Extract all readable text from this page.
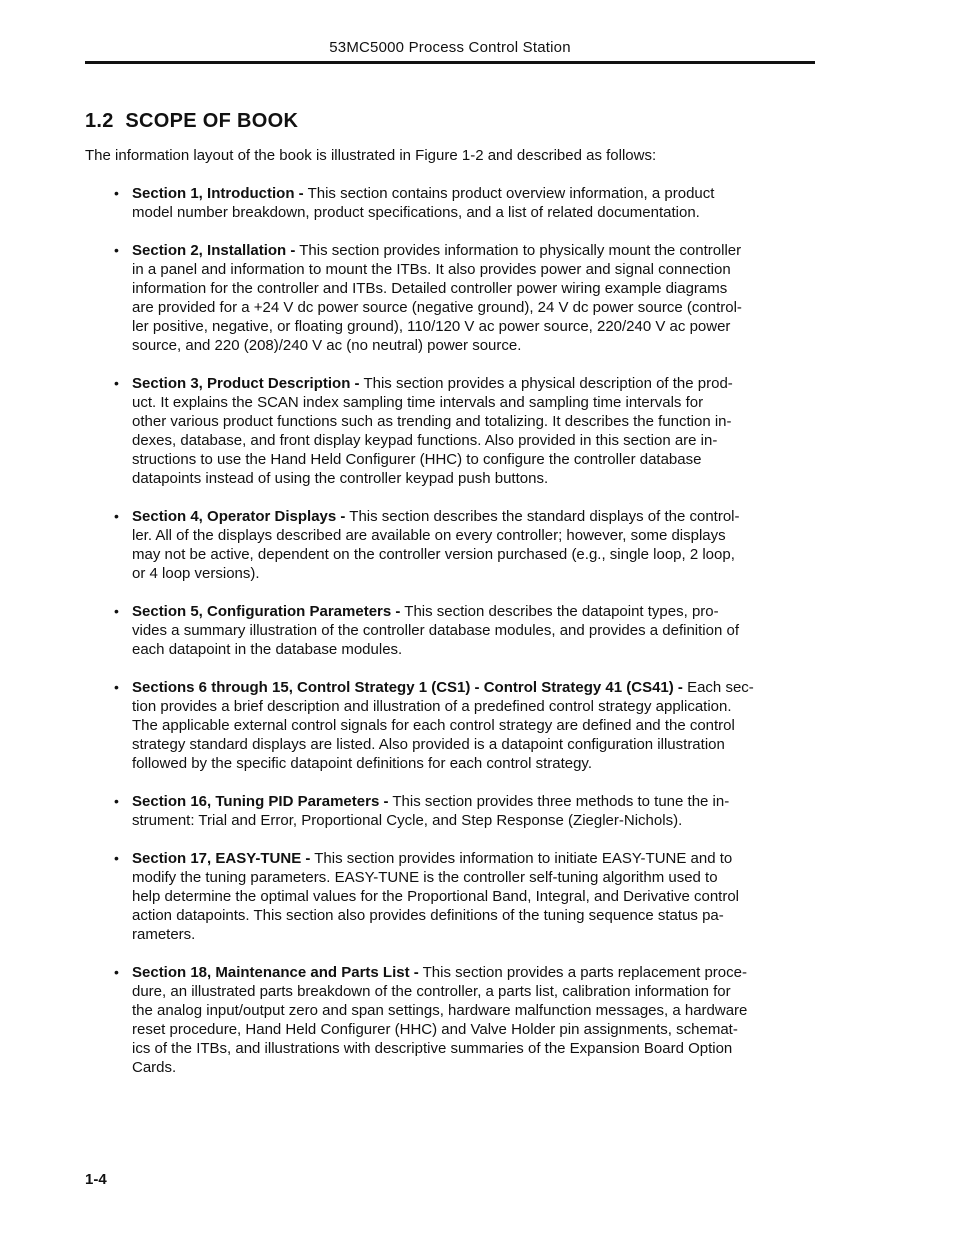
53MC5000 Process Control Station
1.2  SCOPE OF BOOK

The information layout of the book is illustrated in Figure 1-2 and described as follows:

• Section 1, Introduction - This section contains product overview information, a product
model number breakdown, product specifications, and a list of related documentation.
• Section 2, Installation - This section provides information to physically mount the controller
in a panel and information to mount the ITBs. It also provides power and signal connection
information for the controller and ITBs. Detailed controller power wiring example diagrams
are provided for a +24 V dc power source (negative ground), 24 V dc power source (control-
ler positive, negative, or floating ground), 110/120 V ac power source, 220/240 V ac power
source, and 220 (208)/240 V ac (no neutral) power source.
• Section 3, Product Description - This section provides a physical description of the prod-
uct. It explains the SCAN index sampling time intervals and sampling time intervals for
other various product functions such as trending and totalizing. It describes the function in-
dexes, database, and front display keypad functions. Also provided in this section are in-
structions to use the Hand Held Configurer (HHC) to configure the controller database
datapoints instead of using the controller keypad push buttons.
• Section 4, Operator Displays - This section describes the standard displays of the control-
ler. All of the displays described are available on every controller; however, some displays
may not be active, dependent on the controller version purchased (e.g., single loop, 2 loop,
or 4 loop versions).
• Section 5, Configuration Parameters - This section describes the datapoint types, pro-
vides a summary illustration of the controller database modules, and provides a definition of
each datapoint in the database modules.
• Sections 6 through 15, Control Strategy 1 (CS1) - Control Strategy 41 (CS41) - Each sec-
tion provides a brief description and illustration of a predefined control strategy application.
The applicable external control signals for each control strategy are defined and the control
strategy standard displays are listed. Also provided is a datapoint configuration illustration
followed by the specific datapoint definitions for each control strategy.
• Section 16, Tuning PID Parameters - This section provides three methods to tune the in-
strument: Trial and Error, Proportional Cycle, and Step Response (Ziegler-Nichols).
• Section 17, EASY-TUNE - This section provides information to initiate EASY-TUNE and to
modify the tuning parameters. EASY-TUNE is the controller self-tuning algorithm used to
help determine the optimal values for the Proportional Band, Integral, and Derivative control
action datapoints. This section also provides definitions of the tuning sequence status pa-
rameters.
• Section 18, Maintenance and Parts List - This section provides a parts replacement proce-
dure, an illustrated parts breakdown of the controller, a parts list, calibration information for
the analog input/output zero and span settings, hardware malfunction messages, a hardware
reset procedure, Hand Held Configurer (HHC) and Valve Holder pin assignments, schemat-
ics of the ITBs, and illustrations with descriptive summaries of the Expansion Board Option
Cards.
1-4
